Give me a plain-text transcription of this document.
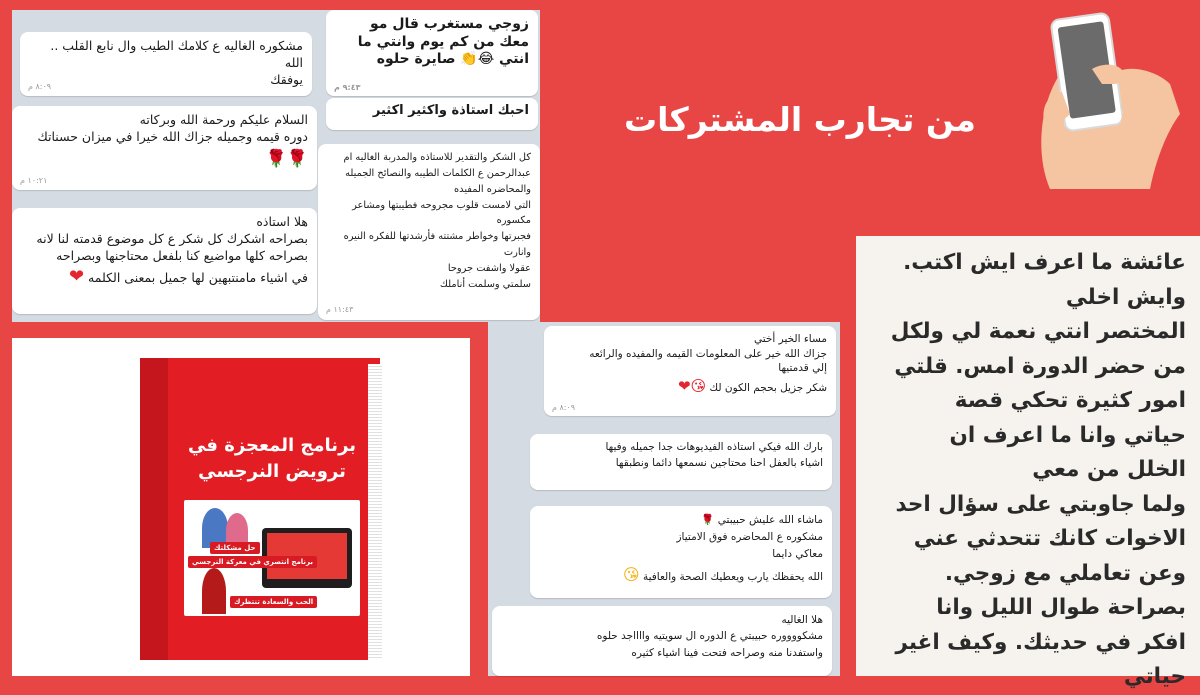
مشكوره الغاليه ع كلامك الطيب وال نابع القلب .. الله
يوفقك

٨:٠٩ م

السلام عليكم ورحمة الله وبركاته
دوره قيمه وجميله جزاك الله خيرا في ميزان حسناتك

🌹🌹
١٠:٢١ م

هلا استاذه
بصراحه اشكرك كل شكر ع كل موضوع قدمته لنا لانه
بصراحه كلها مواضيع كنا بلفعل محتاجنها وبصراحه
في اشياء مامنتبهين لها جميل بمعنى الكلمه

❤

زوجي مستغرب قال مو
معك من كم يوم وانتي ما
انتي 😂👏 صايرة حلوه

٩:٤٣ م

احبك استاذة واكثير اكثير

كل الشكر والتقدير للاستاذه والمدربة الغاليه ام
عبدالرحمن ع الكلمات الطيبه والنصائح الجميله
والمحاضره المفيده
التي لامست قلوب مجروحه فطيبتها ومشاعر مكسوره
فجبرتها وخواطر مشتته فأرشدتها للفكره النيره وانارت
عقولا واشفت جروحا
سلمتي وسلمت أناملك

١١:٤٣ م
من تجارب المشتركات

عائشة ما اعرف ايش اكتب.

وايش اخلي

المختصر انتي نعمة لي ولكل

من حضر الدورة امس. قلتي

امور كثيرة تحكي قصة

حياتي وانا ما اعرف ان

الخلل من معي

ولما جاوبتي على سؤال احد

الاخوات كانك تتحدثي عني

وعن تعاملي مع زوجي.

بصراحة طوال الليل وانا

افكر في حديثك. وكيف اغير

حياتي

برنامج المعجزة في
ترويض النرجسي
حل مشكلتك
برنامج انتصري في معركة النرجسي
الحب والسعادة تنتظرك

مساء الخير أختي
جزاك الله خير على المعلومات القيمه والمفيده والرائعه
إلي قدمتيها
شكر جزيل بحجم الكون لك

😘❤
٨:٠٩ م

بارك الله فيكي استاذه الفيديوهات جدا جميله وفيها
اشياء بالعفل احنا محتاجين نسمعها دائما ونطبقها

ماشاء الله عليش حبيبتي 🌹
مشكوره ع المحاضره فوق الامتياز
معاكي دايما
الله يحفظك يارب ويعطيك الصحة والعافية

😘

هلا الغاليه
مشكووووره حبيبتي ع الدوره ال سويتيه وااااجد حلوه
واستفدنا منه وصراحه فتحت فينا اشياء كثيره
